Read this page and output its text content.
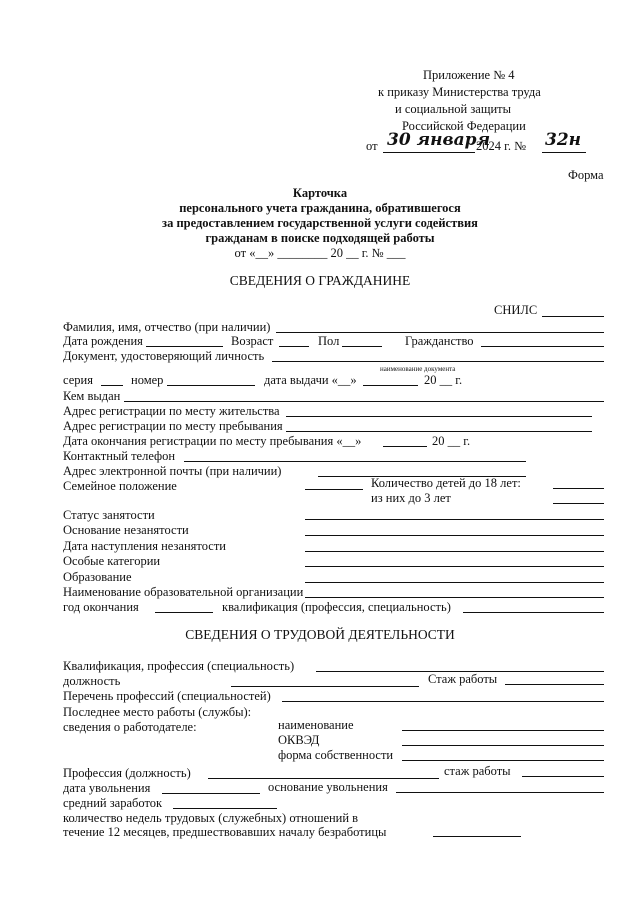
Приложение № 4
к приказу Министерства труда
и социальной защиты
Российской Федерации
от 30 января
2024 г. № 32н
Форма
Карточка
персонального учета гражданина, обратившегося
за предоставлением государственной услуги содействия
гражданам в поиске подходящей работы
от «__» ________ 20 __ г. № ___
СВЕДЕНИЯ О ГРАЖДАНИНЕ
СНИЛС
Фамилия, имя, отчество (при наличии)
Дата рождения	Возраст	Пол	Гражданство
Документ, удостоверяющий личность
наименование документа
серия	номер	дата выдачи «__»	20 __ г.
Кем выдан
Адрес регистрации по месту жительства
Адрес регистрации по месту пребывания
Дата окончания регистрации по месту пребывания «__»	20 __ г.
Контактный телефон
Адрес электронной почты (при наличии)
Семейное положение	Количество детей до 18 лет:
из них до 3 лет
Статус занятости
Основание незанятости
Дата наступления незанятости
Особые категории
Образование
Наименование образовательной организации
год окончания	квалификация (профессия, специальность)
СВЕДЕНИЯ О ТРУДОВОЙ ДЕЯТЕЛЬНОСТИ
Квалификация, профессия (специальность)
должность	Стаж работы
Перечень профессий (специальностей)
Последнее место работы (службы):
сведения о работодателе:	наименование
ОКВЭД
форма собственности
Профессия (должность)	стаж работы
дата увольнения	основание увольнения
средний заработок
количество недель трудовых (служебных) отношений в
течение 12 месяцев, предшествовавших началу безработицы
